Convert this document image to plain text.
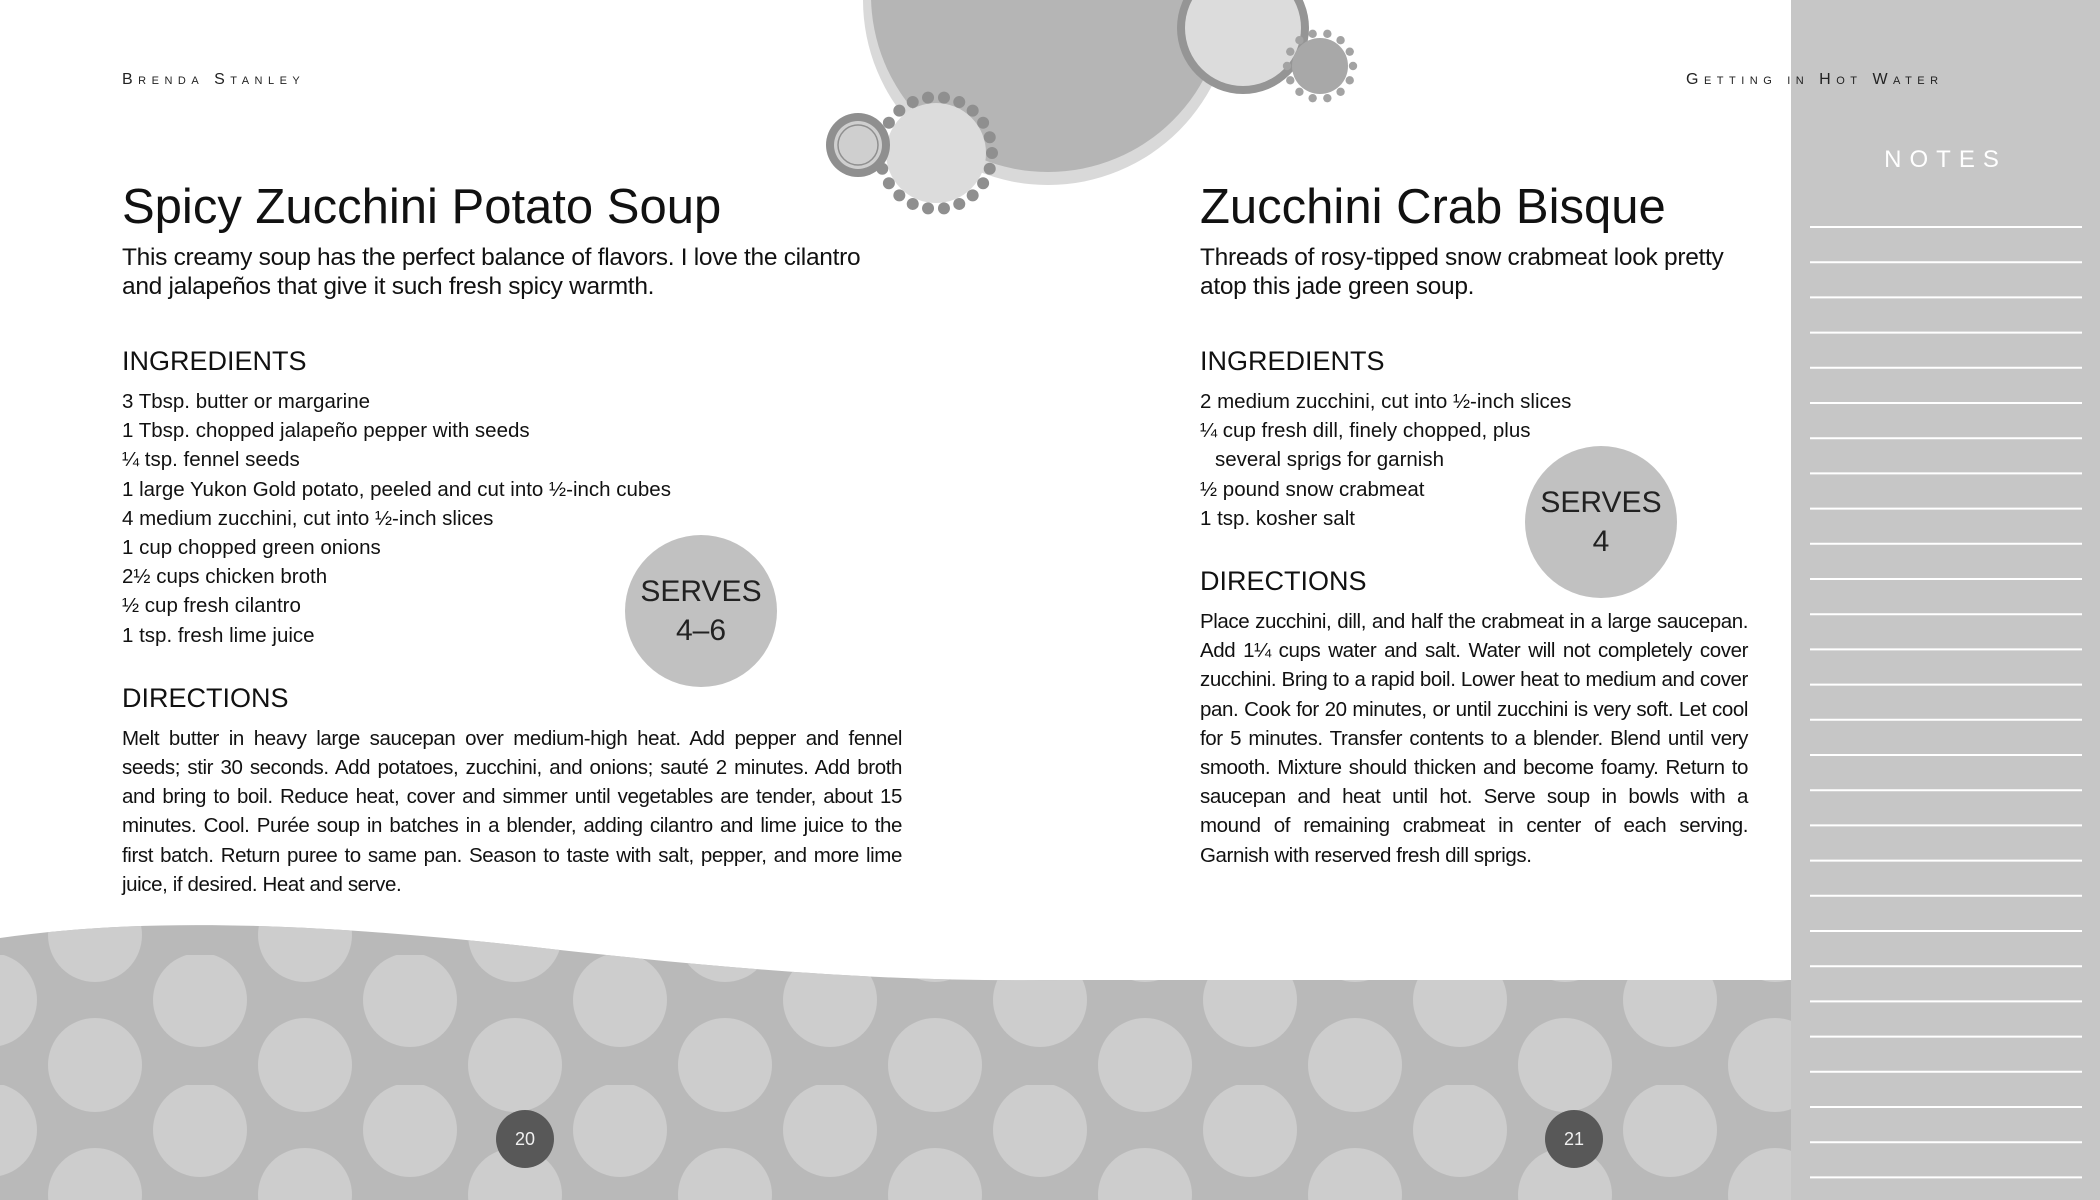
Brenda Stanley	Getting in Hot Water
NOTES
Spicy Zucchini Potato Soup

This creamy soup has the perfect balance of flavors. I love the cilantro and jalapeños that give it such fresh spicy warmth.

INGREDIENTS
3 Tbsp. butter or margarine
1 Tbsp. chopped jalapeño pepper with seeds
¼ tsp. fennel seeds
1 large Yukon Gold potato, peeled and cut into ½-inch cubes
4 medium zucchini, cut into ½-inch slices
1 cup chopped green onions
2½ cups chicken broth
½ cup fresh cilantro
1 tsp. fresh lime juice
DIRECTIONS

Melt butter in heavy large saucepan over medium-high heat. Add pepper and fennel seeds; stir 30 seconds. Add potatoes, zucchini, and onions; sauté 2 minutes. Add broth and bring to boil. Reduce heat, cover and simmer until vegetables are tender, about 15 minutes. Cool. Purée soup in batches in a blender, adding cilantro and lime juice to the first batch. Return puree to same pan. Season to taste with salt, pepper, and more lime juice, if desired. Heat and serve.

SERVES
4–6
Zucchini Crab Bisque

Threads of rosy-tipped snow crabmeat look pretty atop this jade green soup.

INGREDIENTS
2 medium zucchini, cut into ½-inch slices
¼ cup fresh dill, finely chopped, plus
several sprigs for garnish
½ pound snow crabmeat
1 tsp. kosher salt
DIRECTIONS

Place zucchini, dill, and half the crabmeat in a large saucepan. Add 1¼ cups water and salt. Water will not completely cover zucchini. Bring to a rapid boil. Lower heat to medium and cover pan. Cook for 20 minutes, or until zucchini is very soft. Let cool for 5 minutes. Transfer contents to a blender. Blend until very smooth. Mixture should thicken and become foamy. Return to saucepan and heat until hot. Serve soup in bowls with a mound of remaining crabmeat in center of each serving. Garnish with reserved fresh dill sprigs.

SERVES
4
20	21
